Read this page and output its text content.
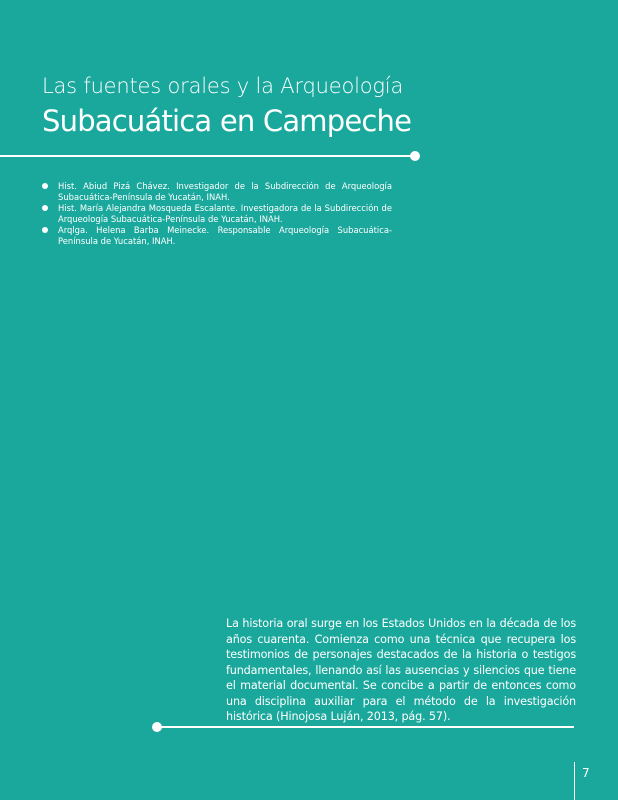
Las fuentes orales y la Arqueología
Subacuática en Campeche
Hist. Abiud Pizá Chávez. Investigador de la Subdirección de Arqueología Subacuática-Península de Yucatán, INAH.
Hist. María Alejandra Mosqueda Escalante. Investigadora de la Subdirección de Arqueología Subacuática-Península de Yucatán, INAH.
Arqlga. Helena Barba Meinecke. Responsable Arqueología Subacuática-Península de Yucatán, INAH.

La historia oral surge en los Estados Unidos en la década de los años cuarenta. Comienza como una técnica que recupera los testimonios de personajes destacados de la historia o testigos fundamentales, llenando así las ausencias y silencios que tiene el material documental. Se concibe a partir de entonces como una disciplina auxiliar para el método de la investigación histórica (Hinojosa Luján, 2013, pág. 57).

7
